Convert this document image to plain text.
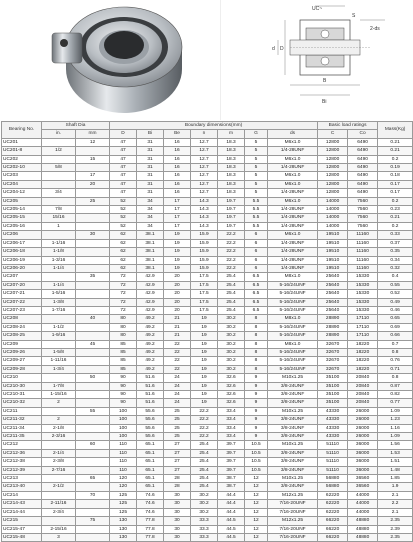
UC~
S
2-ds
D
d
B
Bi
Bearing No.	Shaft Dia		Boundary dimensions(mm)							Basic load ratings		Mass(Kg)
	in.	mm	D	Bi	Be	n	m	G	ds	C	Co	
UC201		12	47	31	16	12.7	18.3	5	M6x1.0	12800	6490	0.21
UC201-8	1/2		47	31	16	12.7	18.3	5	1/4-28UNF	12800	6490	0.21
UC202		15	47	31	16	12.7	18.3	5	M6x1.0	12800	6490	0.2
UC202-10	5/8		47	31	16	12.7	18.3	5	1/4-28UNF	12800	6490	0.19
UC203		17	47	31	16	12.7	18.3	5	M6x1.0	12800	6490	0.18
UC204		20	47	31	16	12.7	18.3	5	M6x1.0	12800	6490	0.17
UC204-12	3/4		47	31	16	12.7	18.3	5	1/4-28UNF	12800	6490	0.17
UC205		25	52	34	17	14.3	19.7	5.5	M6x1.0	14000	7560	0.2
UC205-14	7/8		52	34	17	14.3	19.7	5.5	1/4-28UNF	14000	7560	0.23
UC205-15	15/16		52	34	17	14.3	19.7	5.5	1/4-28UNF	14000	7560	0.21
UC205-16	1		52	34	17	14.3	19.7	5.5	1/4-28UNF	14000	7560	0.2
UC206		30	62	38.1	19	15.9	22.2	6	M6x1.0	19510	11160	0.33
UC206-17	1-1/16		62	38.1	19	15.9	22.2	6	1/4-28UNF	19510	11160	0.37
UC206-18	1-1/8		62	38.1	19	15.9	22.2	6	1/4-28UNF	19510	11160	0.35
UC206-19	1-3/16		62	38.1	19	15.9	22.2	6	1/4-28UNF	19510	11160	0.34
UC206-20	1-1/4		62	38.1	19	15.9	22.2	6	1/4-28UNF	19510	11160	0.32
UC207		35	72	42.9	20	17.5	25.4	6.5	M8x1.0	25640	15330	0.4
UC207-20	1-1/4		72	42.9	20	17.5	25.4	6.5	5-16/24UNF	25640	15330	0.55
UC207-21	1-5/16		72	42.9	20	17.5	25.4	6.5	5-16/24UNF	25640	15330	0.52
UC207-22	1-3/8		72	42.9	20	17.5	25.4	6.5	5-16/24UNF	25640	15330	0.49
UC207-23	1-7/16		72	42.9	20	17.5	25.4	6.5	5-16/24UNF	25640	15330	0.46
UC208		40	80	49.2	21	19	30.2	8	M8x1.0	28890	17110	0.65
UC208-24	1-1/2		80	49.2	21	19	30.2	8	5-16/24UNF	28890	17110	0.69
UC208-25	1-9/16		80	49.2	21	19	30.2	8	5-16/24UNF	28890	17110	0.66
UC209		45	85	49.2	22	19	30.2	8	M8x1.0	32670	18220	0.7
UC209-26	1-5/8		85	49.2	22	19	30.2	8	5-16/24UNF	32670	18220	0.8
UC209-27	1-11/16		85	49.2	22	19	30.2	8	5-16/24UNF	32670	18220	0.76
UC209-28	1-3/4		85	49.2	22	19	30.2	8	5-16/24UNF	32670	18220	0.71
UC210		50	90	51.6	24	19	32.6	9	M10x1.25	35100	20840	0.8
UC210-30	1-7/8		90	51.6	24	19	32.6	9	3/8-24UNF	35100	20840	0.87
UC210-31	1-15/16		90	51.6	24	19	32.6	9	3/8-24UNF	35100	20840	0.82
UC210-32	2		90	51.6	24	19	32.6	9	3/8-24UNF	35100	20840	0.77
UC211		55	100	55.6	25	22.2	33.4	9	M10x1.25	43330	26000	1.09
UC211-32	2		100	55.6	25	22.2	33.4	9	3/8-24UNF	43330	26000	1.23
UC211-34	2-1/8		100	55.6	25	22.2	33.4	9	3/8-24UNF	43330	26000	1.16
UC211-35	2-3/16		100	55.6	25	22.2	33.4	9	3/8-24UNF	43330	26000	1.09
UC212		60	110	65.1	27	25.4	39.7	10.5	M10x1.25	51110	36000	1.56
UC212-36	2-1/4		110	65.1	27	25.4	39.7	10.5	3/8-24UNF	51110	36000	1.53
UC212-38	2-3/8		110	65.1	27	25.4	39.7	10.5	3/8-24UNF	51110	36000	1.51
UC212-39	2-7/16		110	65.1	27	25.4	39.7	10.5	3/8-24UNF	51110	36000	1.48
UC213		65	120	65.1	28	25.4	38.7	12	M10x1.25	56880	36560	1.85
UC213-40	2-1/2		120	65.1	28	25.4	38.7	12	3/8-24UNF	56880	36560	1.9
UC214		70	125	74.6	30	30.2	44.4	12	M12x1.25	62220	44000	2.1
UC214-43	2-11/16		125	74.6	30	30.2	44.4	12	7/16-20UNF	62220	44000	2.2
UC214-44	2-3/4		125	74.6	30	30.2	44.4	12	7/16-20UNF	62220	44000	2.1
UC215		75	130	77.8	30	33.3	44.5	12	M12x1.25	66220	48880	2.35
UC215-47	2-15/16		130	77.8	30	33.3	44.5	12	7/16-20UNF	66220	48880	2.39
UC215-48	3		130	77.8	30	33.3	44.5	12	7/16-20UNF	66220	48880	2.35
